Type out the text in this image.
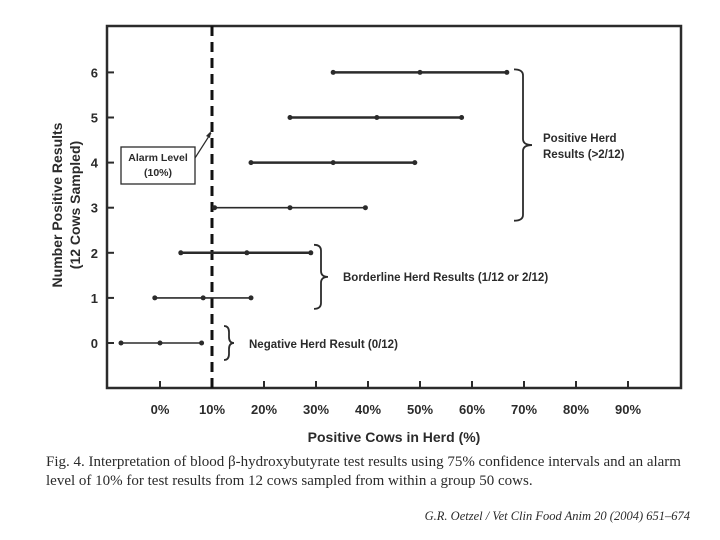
0
1
2
3
4
5
6
0% 10% 20% 30% 40% 50% 60% 70% 80% 90%
Positive Cows in Herd (%)
Number Positive Results (12 Cows Sampled)	Alarm Level
(10%)
Negative Herd Result (0/12)
Borderline Herd Results (1/12 or 2/12)
Positive Herd
Results (>2/12)
Fig. 4. Interpretation of blood β-hydroxybutyrate test results using 75% confidence intervals and an alarm level of 10% for test results from 12 cows sampled from within a group 50 cows.
G.R. Oetzel / Vet Clin Food Anim 20 (2004) 651–674
